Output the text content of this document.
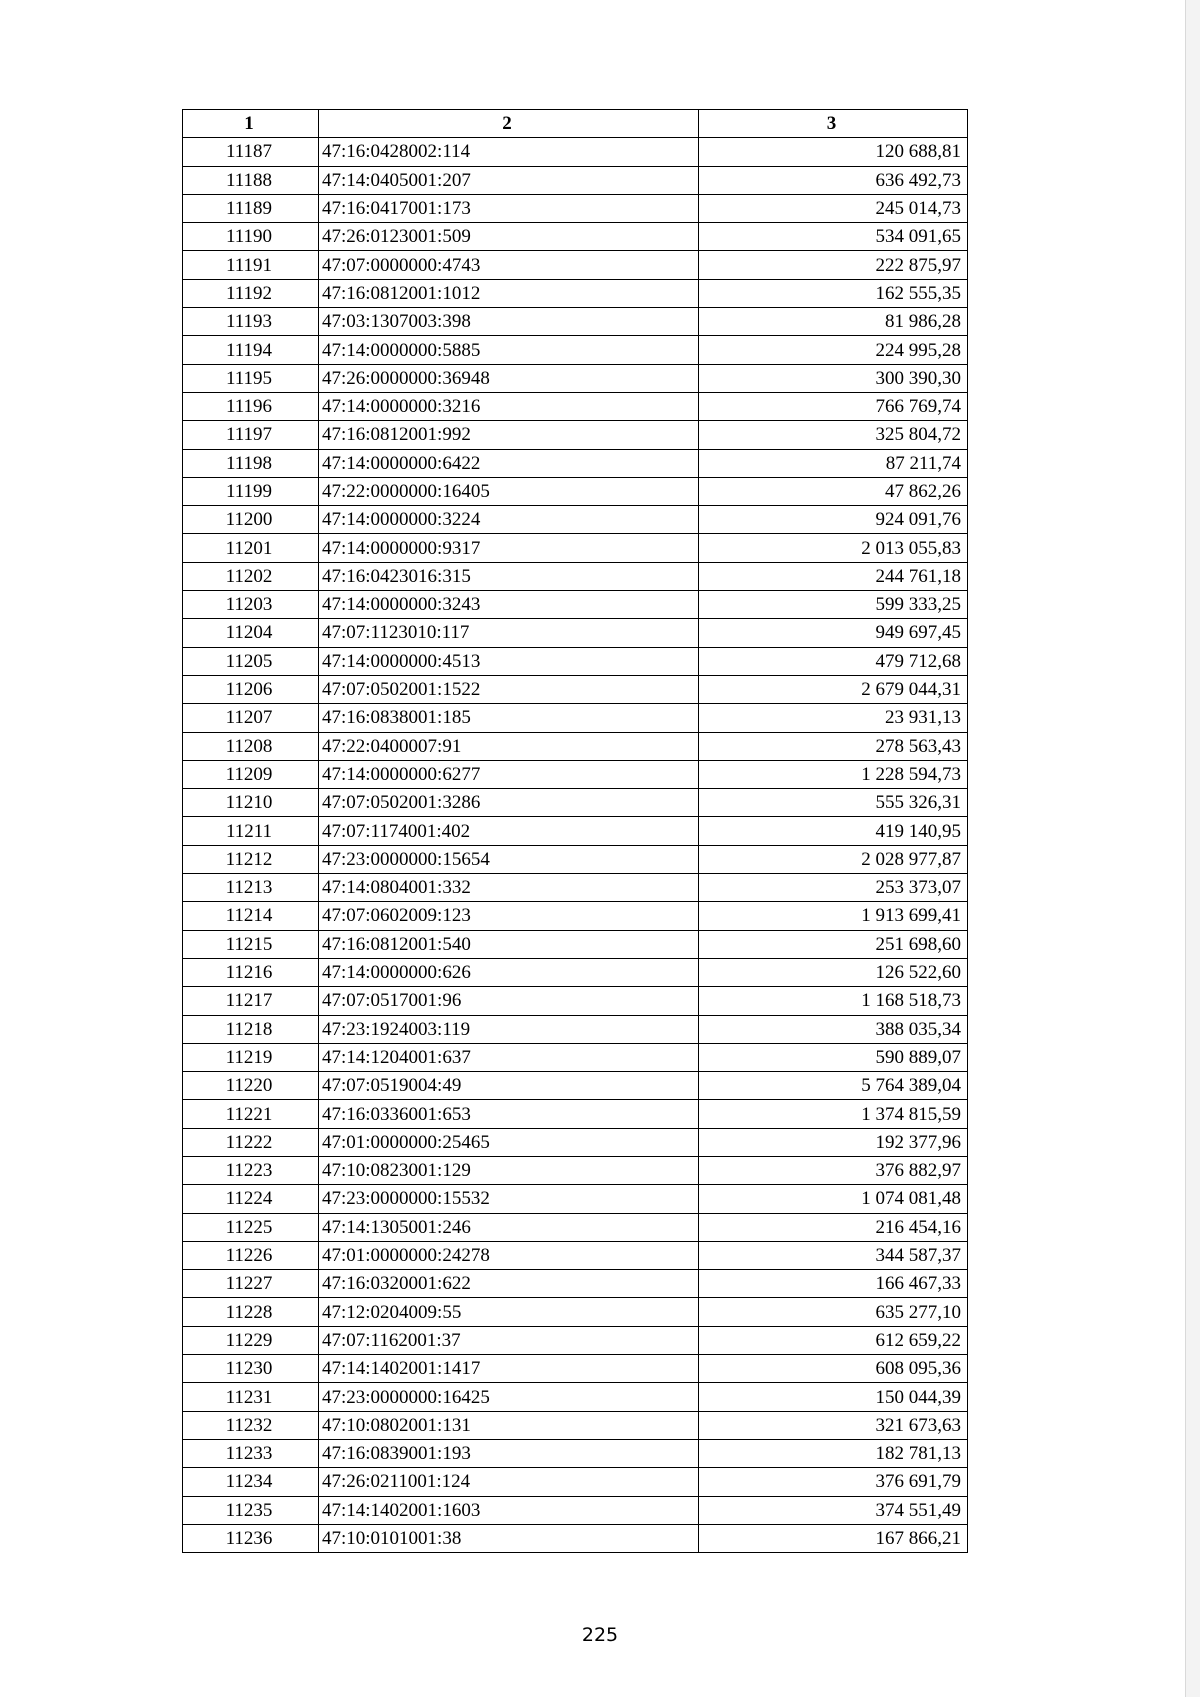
1	2	3
11187	47:16:0428002:114	120 688,81
11188	47:14:0405001:207	636 492,73
11189	47:16:0417001:173	245 014,73
11190	47:26:0123001:509	534 091,65
11191	47:07:0000000:4743	222 875,97
11192	47:16:0812001:1012	162 555,35
11193	47:03:1307003:398	81 986,28
11194	47:14:0000000:5885	224 995,28
11195	47:26:0000000:36948	300 390,30
11196	47:14:0000000:3216	766 769,74
11197	47:16:0812001:992	325 804,72
11198	47:14:0000000:6422	87 211,74
11199	47:22:0000000:16405	47 862,26
11200	47:14:0000000:3224	924 091,76
11201	47:14:0000000:9317	2 013 055,83
11202	47:16:0423016:315	244 761,18
11203	47:14:0000000:3243	599 333,25
11204	47:07:1123010:117	949 697,45
11205	47:14:0000000:4513	479 712,68
11206	47:07:0502001:1522	2 679 044,31
11207	47:16:0838001:185	23 931,13
11208	47:22:0400007:91	278 563,43
11209	47:14:0000000:6277	1 228 594,73
11210	47:07:0502001:3286	555 326,31
11211	47:07:1174001:402	419 140,95
11212	47:23:0000000:15654	2 028 977,87
11213	47:14:0804001:332	253 373,07
11214	47:07:0602009:123	1 913 699,41
11215	47:16:0812001:540	251 698,60
11216	47:14:0000000:626	126 522,60
11217	47:07:0517001:96	1 168 518,73
11218	47:23:1924003:119	388 035,34
11219	47:14:1204001:637	590 889,07
11220	47:07:0519004:49	5 764 389,04
11221	47:16:0336001:653	1 374 815,59
11222	47:01:0000000:25465	192 377,96
11223	47:10:0823001:129	376 882,97
11224	47:23:0000000:15532	1 074 081,48
11225	47:14:1305001:246	216 454,16
11226	47:01:0000000:24278	344 587,37
11227	47:16:0320001:622	166 467,33
11228	47:12:0204009:55	635 277,10
11229	47:07:1162001:37	612 659,22
11230	47:14:1402001:1417	608 095,36
11231	47:23:0000000:16425	150 044,39
11232	47:10:0802001:131	321 673,63
11233	47:16:0839001:193	182 781,13
11234	47:26:0211001:124	376 691,79
11235	47:14:1402001:1603	374 551,49
11236	47:10:0101001:38	167 866,21
225
